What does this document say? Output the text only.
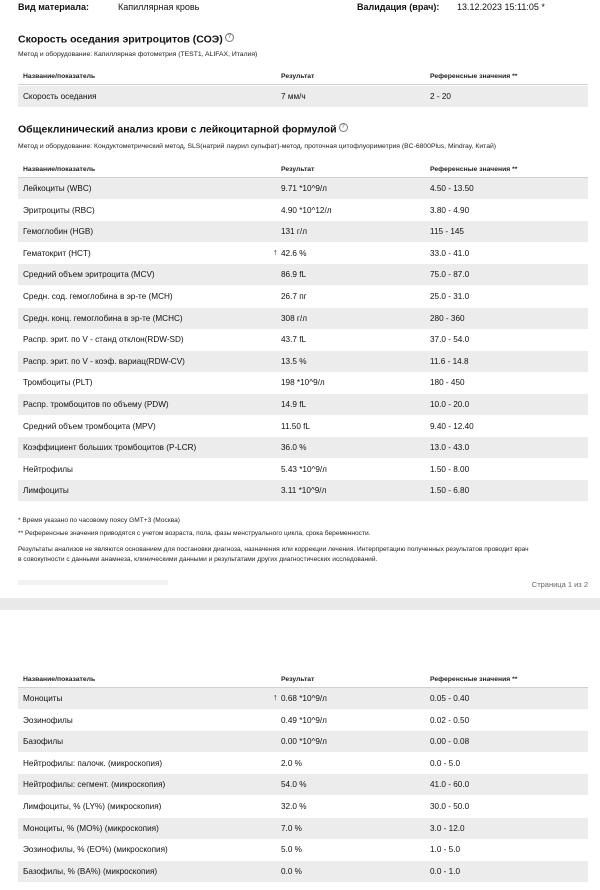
Вид материала:	Капиллярная кровь	Валидация (врач): 13.12.2023 15:11:05 *
Скорость оседания эритроцитов (СОЭ) ?
Метод и оборудование: Капиллярная фотометрия (TEST1, ALIFAX, Италия)
Название/показатель	Результат	Референсные значения **
Скорость оседания	7 мм/ч	2 - 20
Общеклинический анализ крови с лейкоцитарной формулой ?
Метод и оборудование: Кондуктометрический метод, SLS(натрий лаурил сульфат)-метод, проточная цитофлуориметрия (BC-6800Plus, Mindray, Китай)
Название/показатель	Результат	Референсные значения **
Лейкоциты (WBC)	9.71 *10^9/л	4.50 - 13.50
Эритроциты (RBC)	4.90 *10^12/л	3.80 - 4.90
Гемоглобин (HGB)	131 г/л	115 - 145
Гематокрит (HCT)	↑ 42.6 %	33.0 - 41.0
Средний объем эритроцита (MCV)	86.9 fL	75.0 - 87.0
Средн. сод. гемоглобина в эр-те (MCH)	26.7 пг	25.0 - 31.0
Средн. конц. гемоглобина в эр-те (MCHC)	308 г/л	280 - 360
Распр. эрит. по V - станд отклон(RDW-SD)	43.7 fL	37.0 - 54.0
Распр. эрит. по V - коэф. вариац(RDW-CV)	13.5 %	11.6 - 14.8
Тромбоциты (PLT)	198 *10^9/л	180 - 450
Распр. тромбоцитов по объему (PDW)	14.9 fL	10.0 - 20.0
Средний объем тромбоцита (MPV)	11.50 fL	9.40 - 12.40
Коэффициент больших тромбоцитов (P-LCR)	36.0 %	13.0 - 43.0
Нейтрофилы	5.43 *10^9/л	1.50 - 8.00
Лимфоциты	3.11 *10^9/л	1.50 - 6.80
* Время указано по часовому поясу GMT+3 (Москва)
** Референсные значения приводятся с учетом возраста, пола, фазы менструального цикла, срока беременности.
Результаты анализов не являются основанием для постановки диагноза, назначения или коррекции лечения. Интерпретацию полученных результатов проводит врач
в совокупности с данными анамнеза, клиническими данными и результатами других диагностических исследований.
Страница 1 из 2
Название/показатель	Результат	Референсные значения **
Моноциты	↑ 0.68 *10^9/л	0.05 - 0.40
Эозинофилы	0.49 *10^9/л	0.02 - 0.50
Базофилы	0.00 *10^9/л	0.00 - 0.08
Нейтрофилы: палочк. (микроскопия)	2.0 %	0.0 - 5.0
Нейтрофилы: сегмент. (микроскопия)	54.0 %	41.0 - 60.0
Лимфоциты, % (LY%) (микроскопия)	32.0 %	30.0 - 50.0
Моноциты, % (MO%) (микроскопия)	7.0 %	3.0 - 12.0
Эозинофилы, % (EO%) (микроскопия)	5.0 %	1.0 - 5.0
Базофилы, % (BA%) (микроскопия)	0.0 %	0.0 - 1.0
